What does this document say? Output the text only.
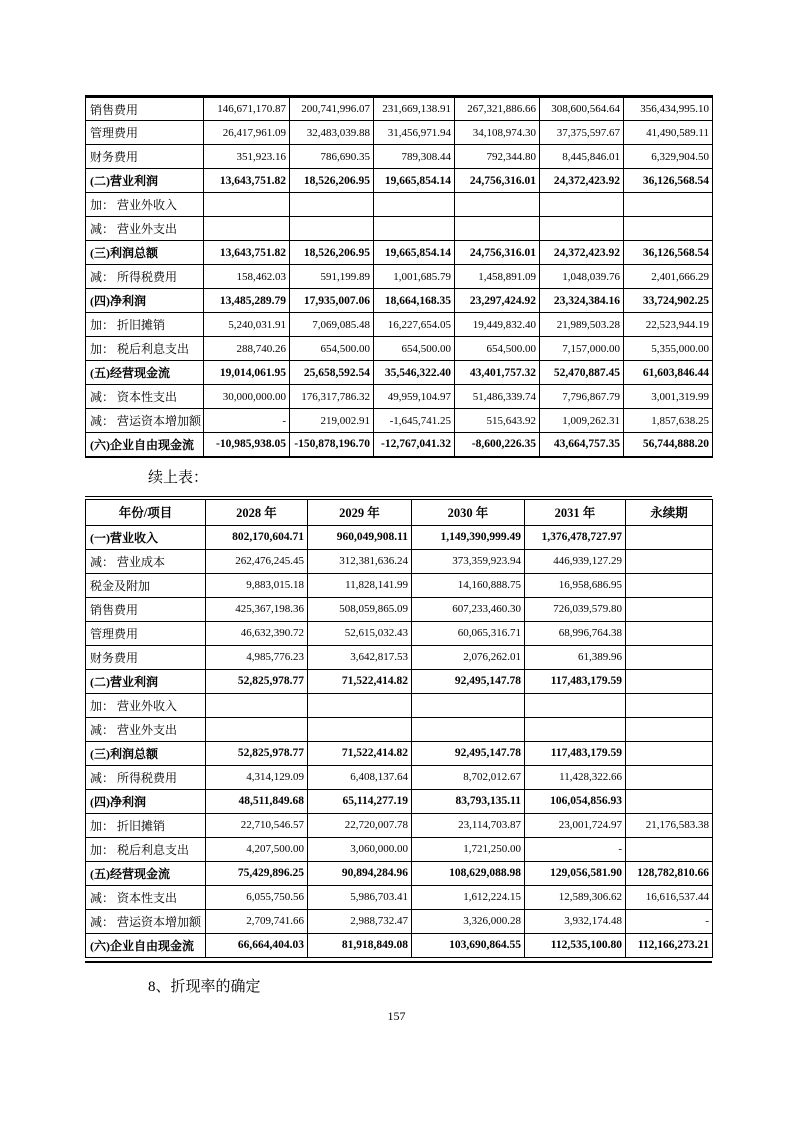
销售费用	146,671,170.87	200,741,996.07	231,669,138.91	267,321,886.66	308,600,564.64	356,434,995.10
管理费用	26,417,961.09	32,483,039.88	31,456,971.94	34,108,974.30	37,375,597.67	41,490,589.11
财务费用	351,923.16	786,690.35	789,308.44	792,344.80	8,445,846.01	6,329,904.50
(二)营业利润	13,643,751.82	18,526,206.95	19,665,854.14	24,756,316.01	24,372,423.92	36,126,568.54
加： 营业外收入						
减： 营业外支出						
(三)利润总额	13,643,751.82	18,526,206.95	19,665,854.14	24,756,316.01	24,372,423.92	36,126,568.54
减： 所得税费用	158,462.03	591,199.89	1,001,685.79	1,458,891.09	1,048,039.76	2,401,666.29
(四)净利润	13,485,289.79	17,935,007.06	18,664,168.35	23,297,424.92	23,324,384.16	33,724,902.25
加： 折旧摊销	5,240,031.91	7,069,085.48	16,227,654.05	19,449,832.40	21,989,503.28	22,523,944.19
加： 税后利息支出	288,740.26	654,500.00	654,500.00	654,500.00	7,157,000.00	5,355,000.00
(五)经营现金流	19,014,061.95	25,658,592.54	35,546,322.40	43,401,757.32	52,470,887.45	61,603,846.44
减： 资本性支出	30,000,000.00	176,317,786.32	49,959,104.97	51,486,339.74	7,796,867.79	3,001,319.99
减： 营运资本增加额	-	219,002.91	-1,645,741.25	515,643.92	1,009,262.31	1,857,638.25
(六)企业自由现金流	-10,985,938.05	-150,878,196.70	-12,767,041.32	-8,600,226.35	43,664,757.35	56,744,888.20

续上表：

年份/项目	2028 年	2029 年	2030 年	2031 年	永续期
(一)营业收入	802,170,604.71	960,049,908.11	1,149,390,999.49	1,376,478,727.97	
减： 营业成本	262,476,245.45	312,381,636.24	373,359,923.94	446,939,127.29	
税金及附加	9,883,015.18	11,828,141.99	14,160,888.75	16,958,686.95	
销售费用	425,367,198.36	508,059,865.09	607,233,460.30	726,039,579.80	
管理费用	46,632,390.72	52,615,032.43	60,065,316.71	68,996,764.38	
财务费用	4,985,776.23	3,642,817.53	2,076,262.01	61,389.96	
(二)营业利润	52,825,978.77	71,522,414.82	92,495,147.78	117,483,179.59	
加： 营业外收入					
减： 营业外支出					
(三)利润总额	52,825,978.77	71,522,414.82	92,495,147.78	117,483,179.59	
减： 所得税费用	4,314,129.09	6,408,137.64	8,702,012.67	11,428,322.66	
(四)净利润	48,511,849.68	65,114,277.19	83,793,135.11	106,054,856.93	
加： 折旧摊销	22,710,546.57	22,720,007.78	23,114,703.87	23,001,724.97	21,176,583.38
加： 税后利息支出	4,207,500.00	3,060,000.00	1,721,250.00	-	
(五)经营现金流	75,429,896.25	90,894,284.96	108,629,088.98	129,056,581.90	128,782,810.66
减： 资本性支出	6,055,750.56	5,986,703.41	1,612,224.15	12,589,306.62	16,616,537.44
减： 营运资本增加额	2,709,741.66	2,988,732.47	3,326,000.28	3,932,174.48	-
(六)企业自由现金流	66,664,404.03	81,918,849.08	103,690,864.55	112,535,100.80	112,166,273.21

8、折现率的确定

157
